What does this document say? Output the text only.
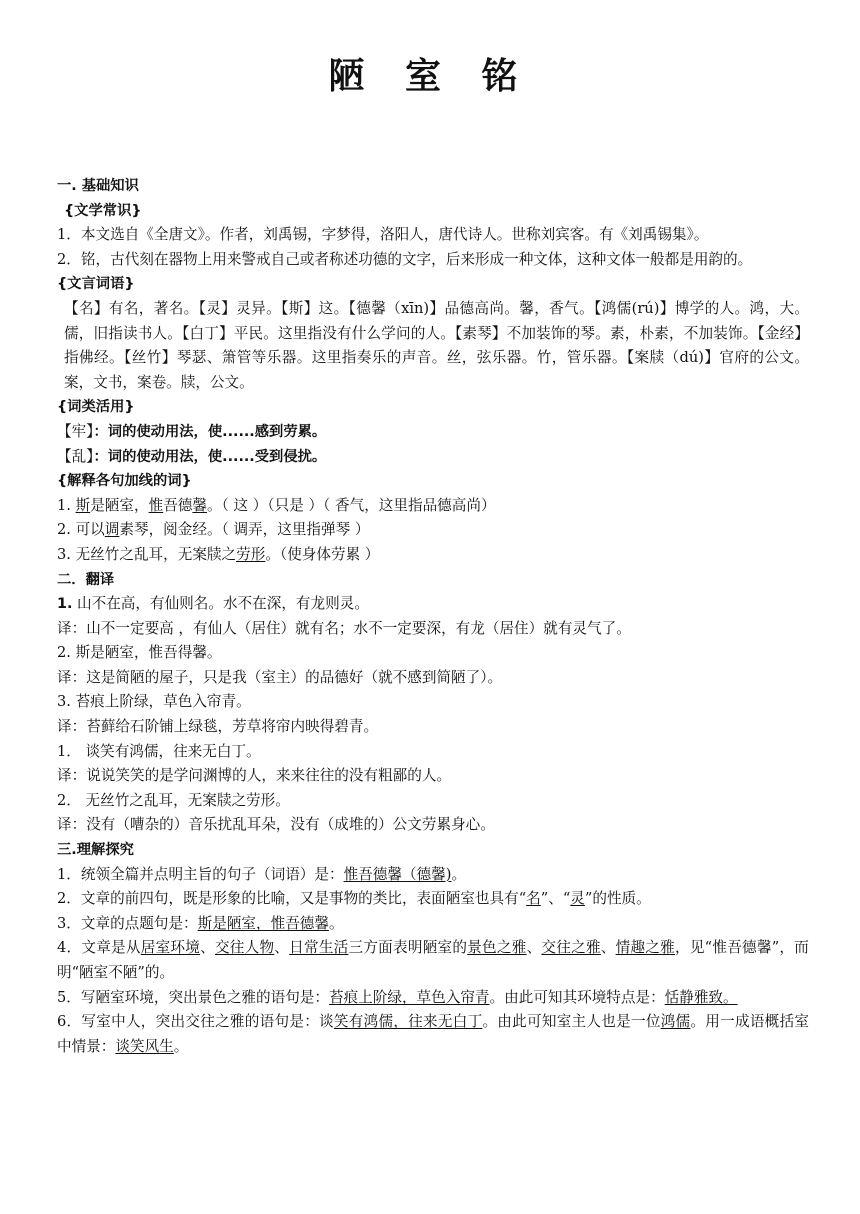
陋 室 铭

一. 基础知识

{文学常识}

1．本文选自《全唐文》。作者，刘禹锡，字梦得，洛阳人，唐代诗人。世称刘宾客。有《刘禹锡集》。

2．铭，古代刻在器物上用来警戒自己或者称述功德的文字，后来形成一种文体，这种文体一般都是用韵的。

{文言词语}

【名】有名，著名。【灵】灵异。【斯】这。【德馨（xīn)】品德高尚。馨，香气。【鸿儒(rú)】博学的人。鸿，大。儒，旧指读书人。【白丁】平民。这里指没有什么学问的人。【素琴】不加装饰的琴。素，朴素，不加装饰。【金经】指佛经。【丝竹】琴瑟、箫管等乐器。这里指奏乐的声音。丝，弦乐器。竹，管乐器。【案牍（dú)】官府的公文。案，文书，案卷。牍，公文。

{词类活用}

【牢】：词的使动用法，使......感到劳累。

【乱】：词的使动用法，使......受到侵扰。

{解释各句加线的词}

1. 斯是陋室，惟吾德馨。（ 这 ）（只是 ）（ 香气，这里指品德高尚）

2. 可以调素琴，阅金经。（ 调弄，这里指弹琴 ）

3. 无丝竹之乱耳，无案牍之劳形。（使身体劳累 ）

二．翻译

1. 山不在高，有仙则名。水不在深，有龙则灵。

译：山不一定要高 ，有仙人（居住）就有名；水不一定要深，有龙（居住）就有灵气了。

2. 斯是陋室，惟吾得馨。

译：这是简陋的屋子，只是我（室主）的品德好（就不感到简陋了）。

3. 苔痕上阶绿，草色入帘青。

译：苔藓给石阶铺上绿毯，芳草将帘内映得碧青。

1． 谈笑有鸿儒，往来无白丁。

译：说说笑笑的是学问渊博的人，来来往往的没有粗鄙的人。

2． 无丝竹之乱耳，无案牍之劳形。

译：没有（嘈杂的）音乐扰乱耳朵，没有（成堆的）公文劳累身心。

三.理解探究

1．统领全篇并点明主旨的句子（词语）是：惟吾德馨（德馨)。

2．文章的前四句，既是形象的比喻，又是事物的类比，表面陋室也具有“名”、“灵”的性质。

3．文章的点题句是：斯是陋室，惟吾德馨。

4．文章是从居室环境、交往人物、日常生活三方面表明陋室的景色之雅、交往之雅、情趣之雅，见“惟吾德馨”，而明“陋室不陋”的。

5．写陋室环境，突出景色之雅的语句是：苔痕上阶绿，草色入帘青。由此可知其环境特点是：恬静雅致。

6．写室中人，突出交往之雅的语句是：谈笑有鸿儒，往来无白丁。由此可知室主人也是一位鸿儒。用一成语概括室中情景：谈笑风生。
